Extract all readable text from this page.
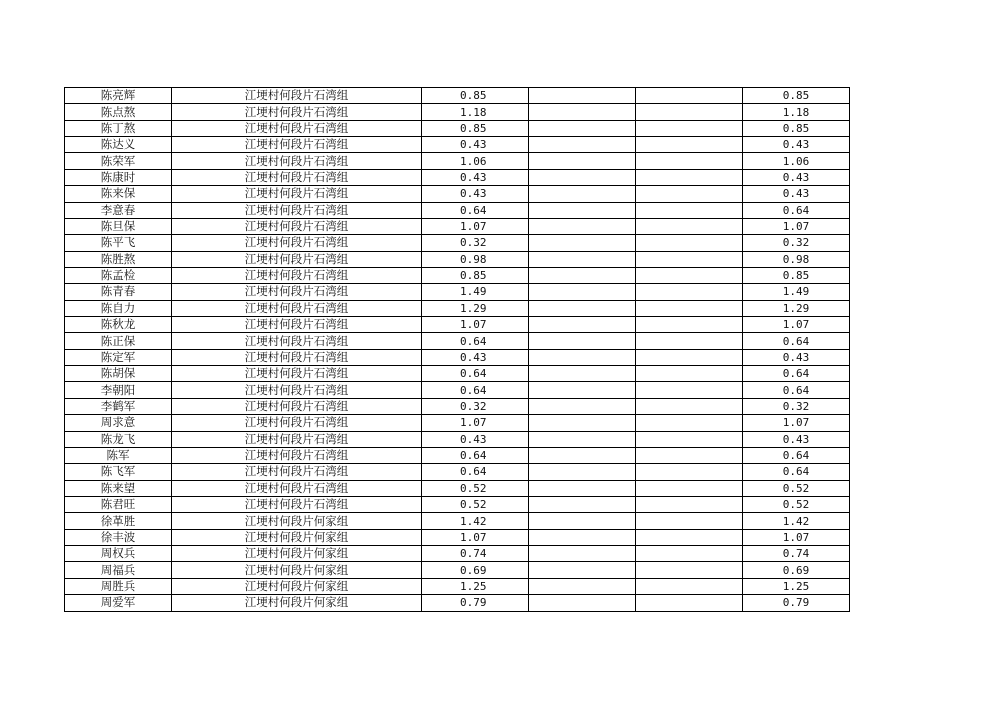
陈亮辉	江埂村何段片石湾组	0.85			0.85
陈点熬	江埂村何段片石湾组	1.18			1.18
陈丁熬	江埂村何段片石湾组	0.85			0.85
陈达义	江埂村何段片石湾组	0.43			0.43
陈荣军	江埂村何段片石湾组	1.06			1.06
陈康时	江埂村何段片石湾组	0.43			0.43
陈来保	江埂村何段片石湾组	0.43			0.43
李意春	江埂村何段片石湾组	0.64			0.64
陈旦保	江埂村何段片石湾组	1.07			1.07
陈平飞	江埂村何段片石湾组	0.32			0.32
陈胜熬	江埂村何段片石湾组	0.98			0.98
陈孟检	江埂村何段片石湾组	0.85			0.85
陈青春	江埂村何段片石湾组	1.49			1.49
陈自力	江埂村何段片石湾组	1.29			1.29
陈秋龙	江埂村何段片石湾组	1.07			1.07
陈正保	江埂村何段片石湾组	0.64			0.64
陈定军	江埂村何段片石湾组	0.43			0.43
陈胡保	江埂村何段片石湾组	0.64			0.64
李朝阳	江埂村何段片石湾组	0.64			0.64
李鹤军	江埂村何段片石湾组	0.32			0.32
周求意	江埂村何段片石湾组	1.07			1.07
陈龙飞	江埂村何段片石湾组	0.43			0.43
陈军	江埂村何段片石湾组	0.64			0.64
陈飞军	江埂村何段片石湾组	0.64			0.64
陈来望	江埂村何段片石湾组	0.52			0.52
陈君旺	江埂村何段片石湾组	0.52			0.52
徐革胜	江埂村何段片何家组	1.42			1.42
徐丰波	江埂村何段片何家组	1.07			1.07
周权兵	江埂村何段片何家组	0.74			0.74
周福兵	江埂村何段片何家组	0.69			0.69
周胜兵	江埂村何段片何家组	1.25			1.25
周爱军	江埂村何段片何家组	0.79			0.79
